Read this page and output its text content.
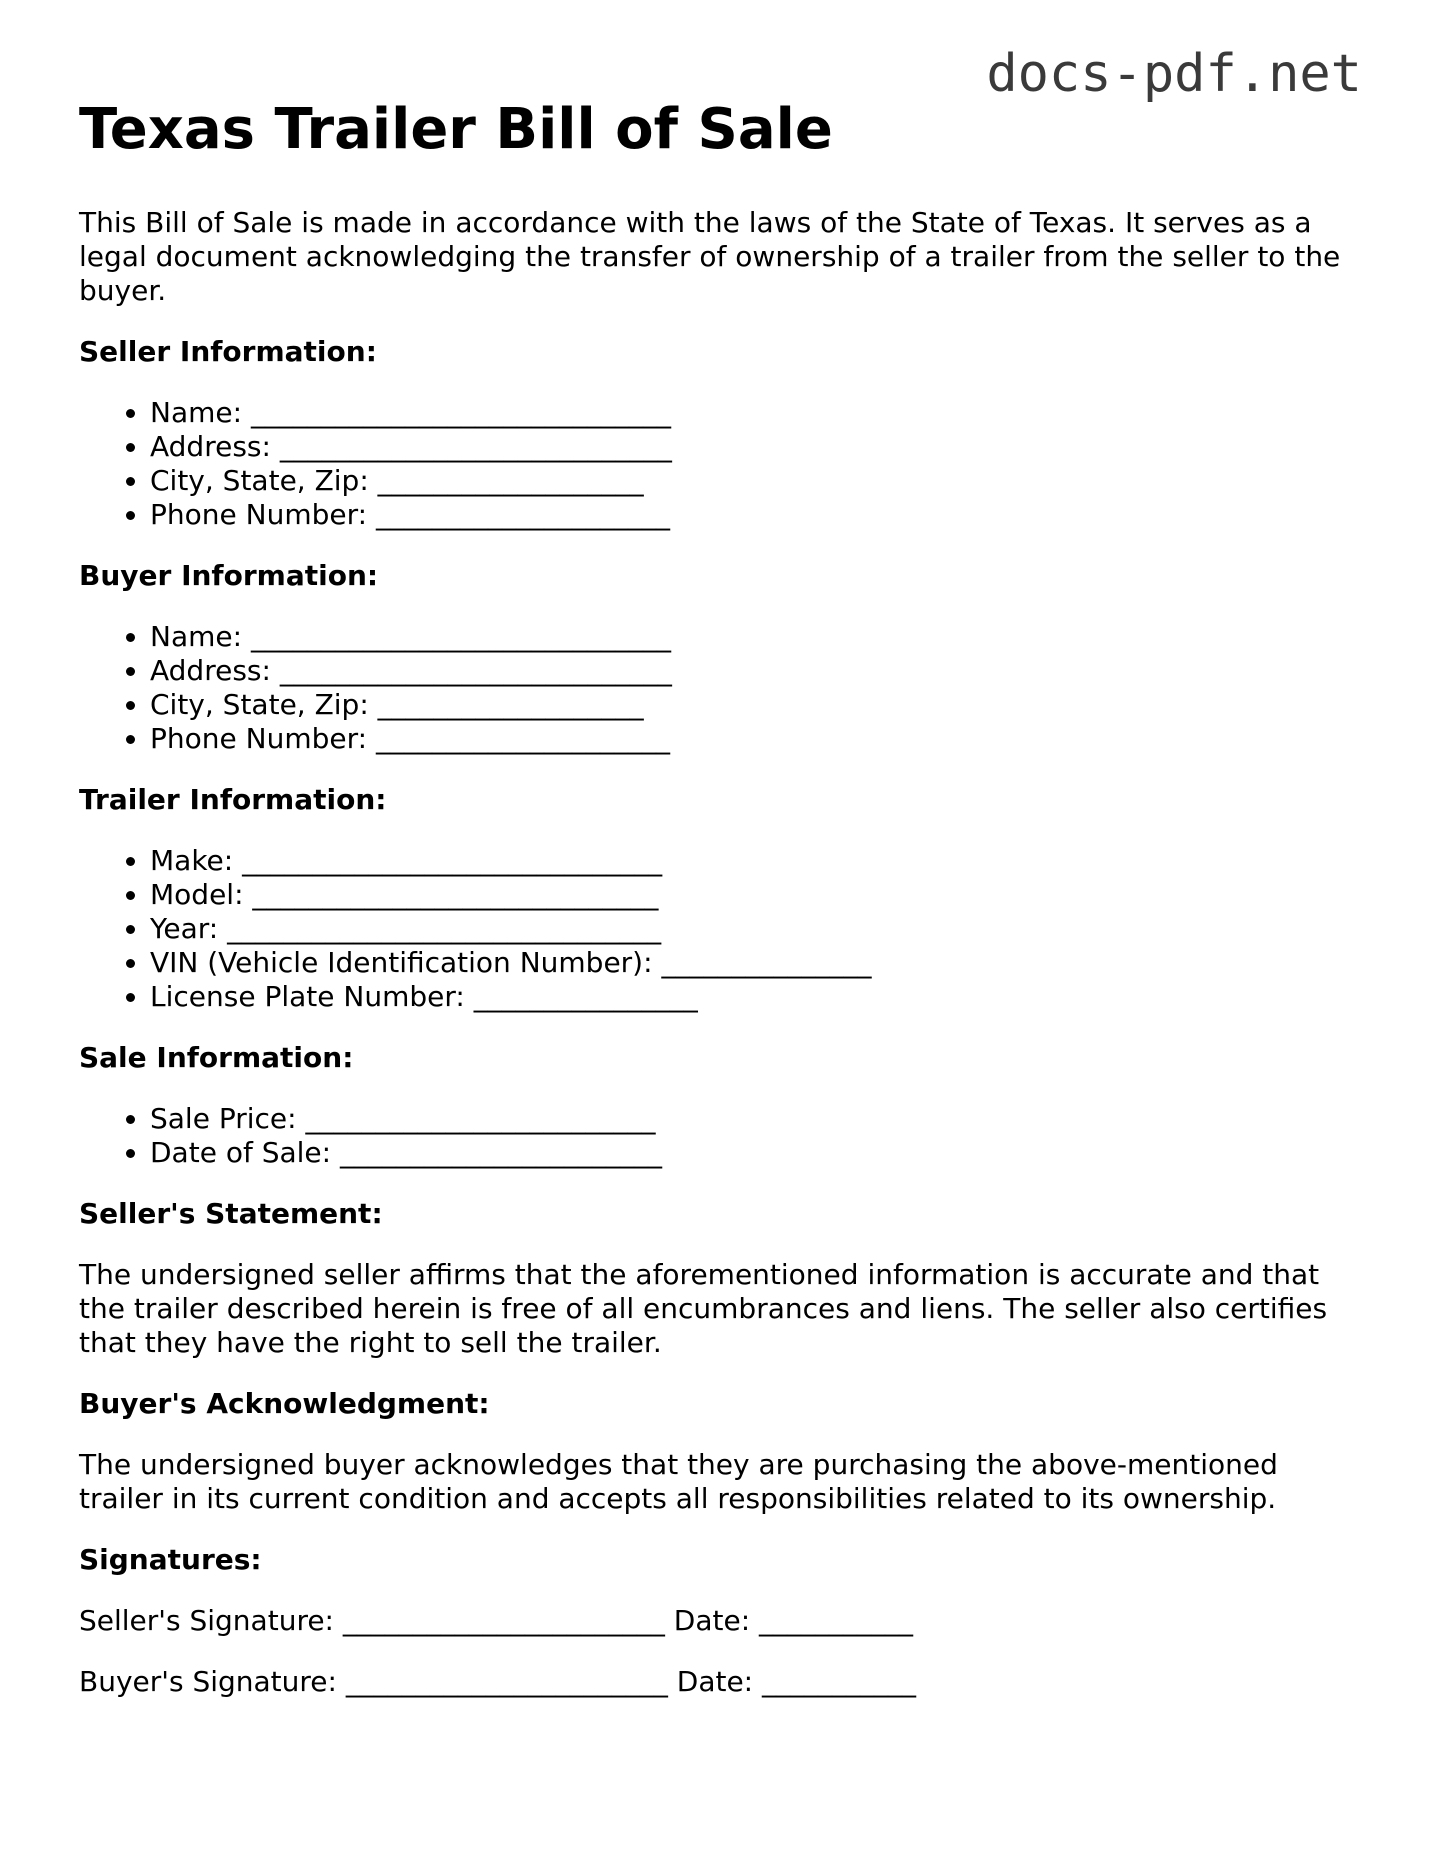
docs-pdf.net
Texas Trailer Bill of Sale

This Bill of Sale is made in accordance with the laws of the State of Texas. It serves as a legal document acknowledging the transfer of ownership of a trailer from the seller to the buyer.

Seller Information:
• Name: ______________________________
• Address: ____________________________
• City, State, Zip: ___________________
• Phone Number: _____________________
Buyer Information:
• Name: ______________________________
• Address: ____________________________
• City, State, Zip: ___________________
• Phone Number: _____________________
Trailer Information:
• Make: ______________________________
• Model: _____________________________
• Year: _______________________________
• VIN (Vehicle Identification Number): _______________
• License Plate Number: ________________
Sale Information:
• Sale Price: _________________________
• Date of Sale: _______________________
Seller's Statement:

The undersigned seller affirms that the aforementioned information is accurate and that the trailer described herein is free of all encumbrances and liens. The seller also certifies that they have the right to sell the trailer.

Buyer's Acknowledgment:

The undersigned buyer acknowledges that they are purchasing the above-mentioned trailer in its current condition and accepts all responsibilities related to its ownership.

Signatures:
Seller's Signature: _______________________ Date: ___________
Buyer's Signature: _______________________ Date: ___________
